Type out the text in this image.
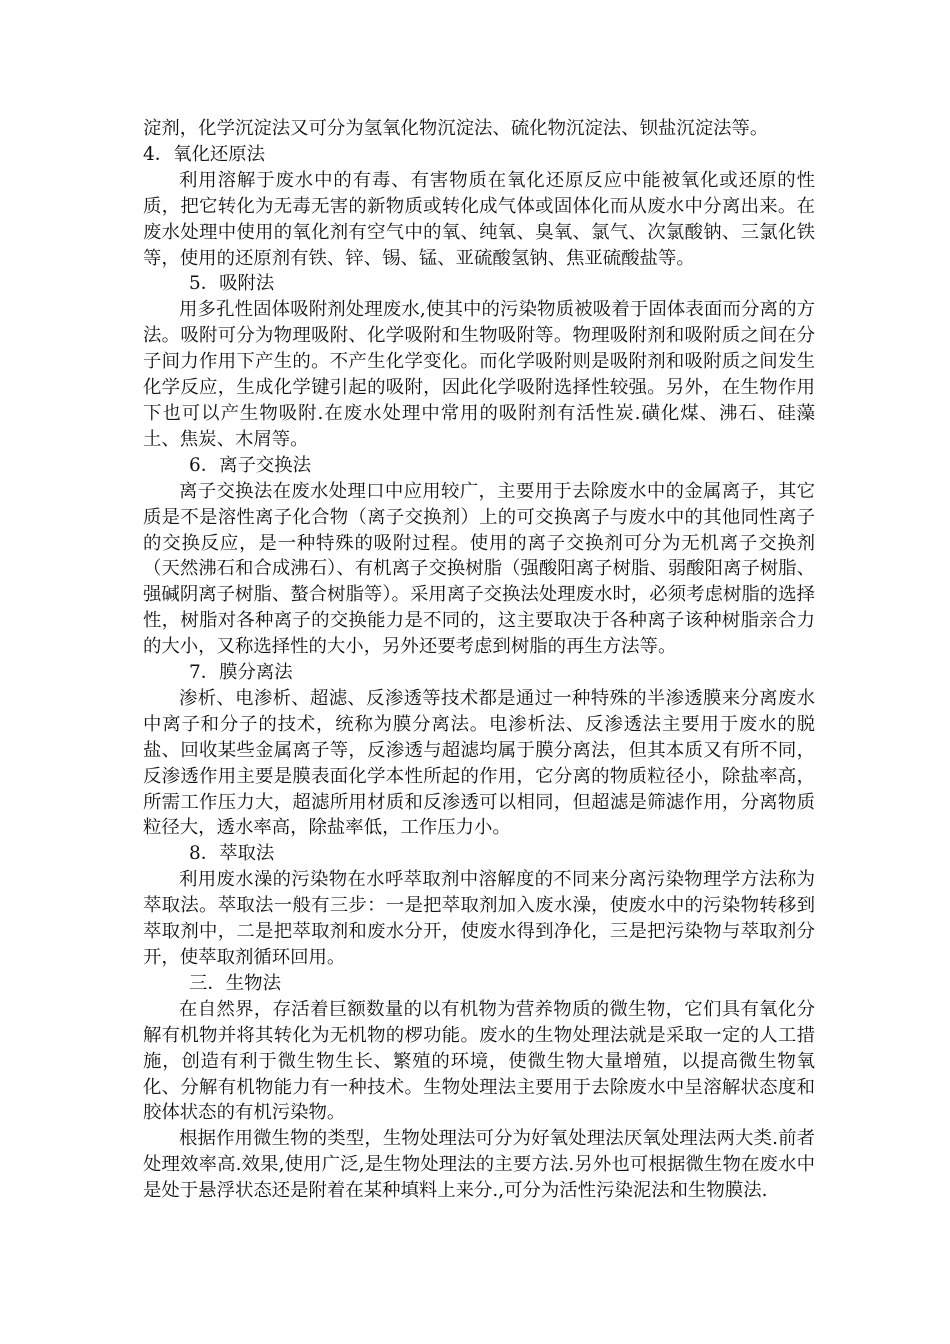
淀剂，化学沉淀法又可分为氢氧化物沉淀法、硫化物沉淀法、钡盐沉淀法等。

4．氧化还原法

利用溶解于废水中的有毒、有害物质在氧化还原反应中能被氧化或还原的性质，把它转化为无毒无害的新物质或转化成气体或固体化而从废水中分离出来。在废水处理中使用的氧化剂有空气中的氧、纯氧、臭氧、氯气、次氯酸钠、三氯化铁等，使用的还原剂有铁、锌、锡、锰、亚硫酸氢钠、焦亚硫酸盐等。

5．吸附法

用多孔性固体吸附剂处理废水,使其中的污染物质被吸着于固体表面而分离的方法。吸附可分为物理吸附、化学吸附和生物吸附等。物理吸附剂和吸附质之间在分子间力作用下产生的。不产生化学变化。而化学吸附则是吸附剂和吸附质之间发生化学反应，生成化学键引起的吸附，因此化学吸附选择性较强。另外，在生物作用下也可以产生物吸附.在废水处理中常用的吸附剂有活性炭.磺化煤、沸石、硅藻土、焦炭、木屑等。

6．离子交换法

离子交换法在废水处理口中应用较广，主要用于去除废水中的金属离子，其它质是不是溶性离子化合物（离子交换剂）上的可交换离子与废水中的其他同性离子的交换反应，是一种特殊的吸附过程。使用的离子交换剂可分为无机离子交换剂（天然沸石和合成沸石）、有机离子交换树脂（强酸阳离子树脂、弱酸阳离子树脂、强碱阴离子树脂、螯合树脂等）。采用离子交换法处理废水时，必须考虑树脂的选择性，树脂对各种离子的交换能力是不同的，这主要取决于各种离子该种树脂亲合力的大小，又称选择性的大小，另外还要考虑到树脂的再生方法等。

7．膜分离法

渗析、电渗析、超滤、反渗透等技术都是通过一种特殊的半渗透膜来分离废水中离子和分子的技术，统称为膜分离法。电渗析法、反渗透法主要用于废水的脱盐、回收某些金属离子等，反渗透与超滤均属于膜分离法，但其本质又有所不同，反渗透作用主要是膜表面化学本性所起的作用，它分离的物质粒径小，除盐率高，所需工作压力大，超滤所用材质和反渗透可以相同，但超滤是筛滤作用，分离物质粒径大，透水率高，除盐率低，工作压力小。

8．萃取法

利用废水澡的污染物在水呼萃取剂中溶解度的不同来分离污染物理学方法称为萃取法。萃取法一般有三步：一是把萃取剂加入废水澡，使废水中的污染物转移到萃取剂中，二是把萃取剂和废水分开，使废水得到净化，三是把污染物与萃取剂分开，使萃取剂循环回用。

三．生物法

在自然界，存活着巨额数量的以有机物为营养物质的微生物，它们具有氧化分解有机物并将其转化为无机物的椤功能。废水的生物处理法就是采取一定的人工措施，创造有利于微生物生长、繁殖的环境，使微生物大量增殖，以提高微生物氧化、分解有机物能力有一种技术。生物处理法主要用于去除废水中呈溶解状态度和胶体状态的有机污染物。

根据作用微生物的类型，生物处理法可分为好氧处理法厌氧处理法两大类.前者处理效率高.效果,使用广泛,是生物处理法的主要方法.另外也可根据微生物在废水中是处于悬浮状态还是附着在某种填料上来分.,可分为活性污染泥法和生物膜法.
